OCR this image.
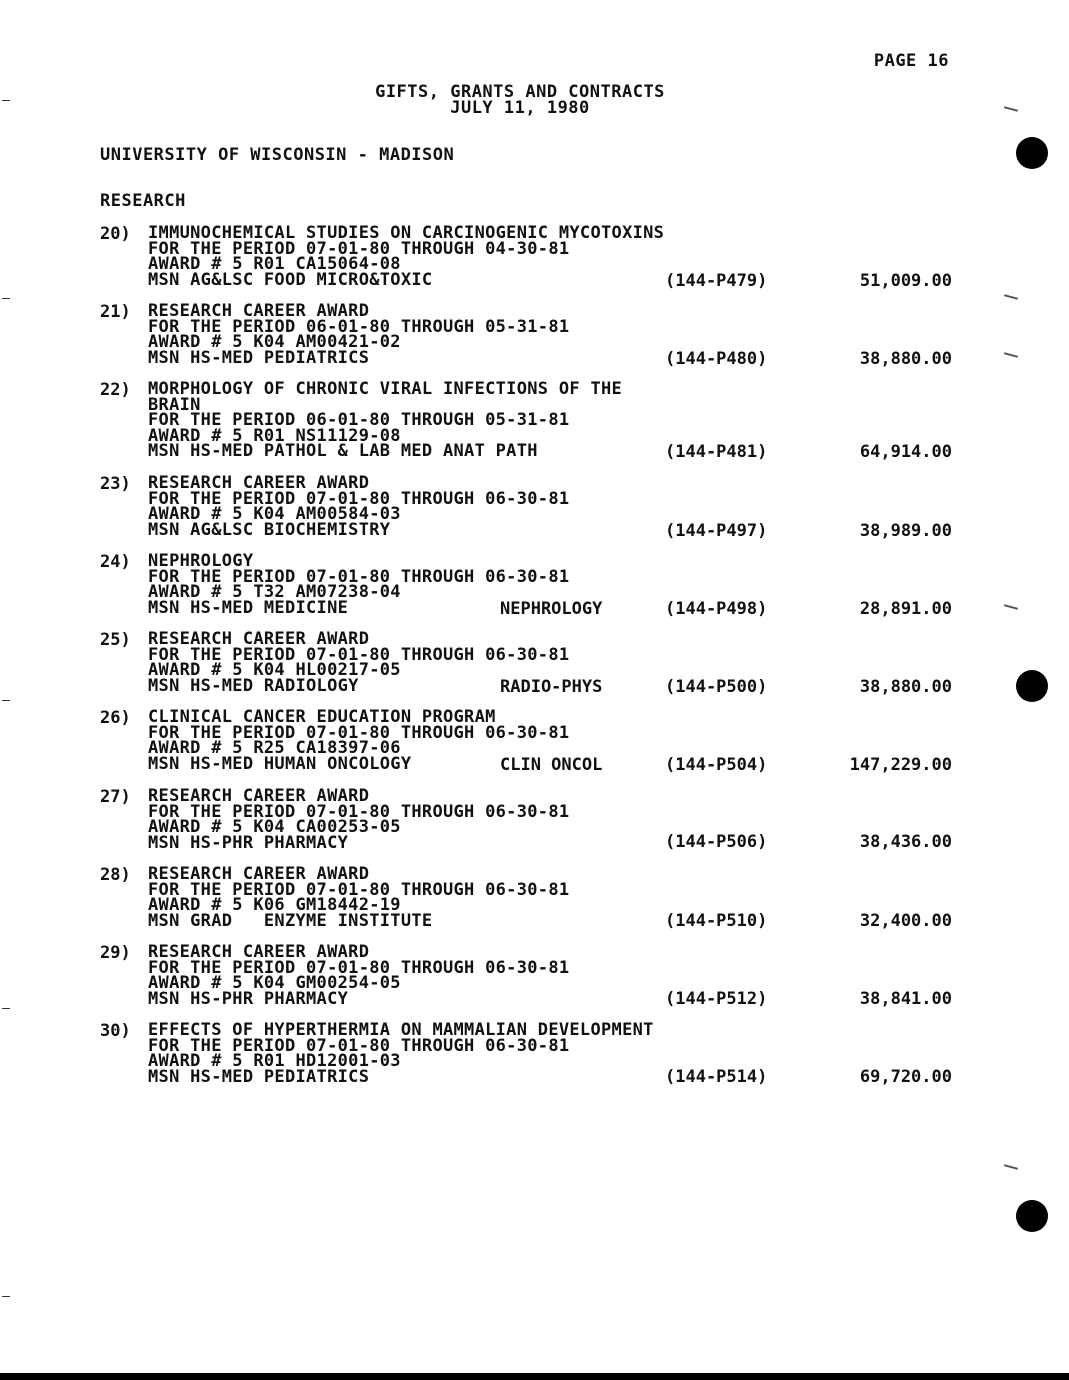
PAGE 16
GIFTS, GRANTS AND CONTRACTS
JULY 11, 1980
UNIVERSITY OF WISCONSIN - MADISON
RESEARCH
20) IMMUNOCHEMICAL STUDIES ON CARCINOGENIC MYCOTOXINS
FOR THE PERIOD 07-01-80 THROUGH 04-30-81
AWARD # 5 R01 CA15064-08
MSN AG&LSC FOOD MICRO&TOXIC	(144-P479)	51,009.00
21) RESEARCH CAREER AWARD
FOR THE PERIOD 06-01-80 THROUGH 05-31-81
AWARD # 5 K04 AM00421-02
MSN HS-MED PEDIATRICS	(144-P480)	38,880.00
22) MORPHOLOGY OF CHRONIC VIRAL INFECTIONS OF THE
BRAIN
FOR THE PERIOD 06-01-80 THROUGH 05-31-81
AWARD # 5 R01 NS11129-08
MSN HS-MED PATHOL & LAB MED ANAT PATH	(144-P481)	64,914.00
23) RESEARCH CAREER AWARD
FOR THE PERIOD 07-01-80 THROUGH 06-30-81
AWARD # 5 K04 AM00584-03
MSN AG&LSC BIOCHEMISTRY	(144-P497)	38,989.00
24) NEPHROLOGY
FOR THE PERIOD 07-01-80 THROUGH 06-30-81
AWARD # 5 T32 AM07238-04
MSN HS-MED MEDICINE	NEPHROLOGY	(144-P498)	28,891.00
25) RESEARCH CAREER AWARD
FOR THE PERIOD 07-01-80 THROUGH 06-30-81
AWARD # 5 K04 HL00217-05
MSN HS-MED RADIOLOGY	RADIO-PHYS	(144-P500)	38,880.00
26) CLINICAL CANCER EDUCATION PROGRAM
FOR THE PERIOD 07-01-80 THROUGH 06-30-81
AWARD # 5 R25 CA18397-06
MSN HS-MED HUMAN ONCOLOGY	CLIN ONCOL	(144-P504)	147,229.00
27) RESEARCH CAREER AWARD
FOR THE PERIOD 07-01-80 THROUGH 06-30-81
AWARD # 5 K04 CA00253-05
MSN HS-PHR PHARMACY	(144-P506)	38,436.00
28) RESEARCH CAREER AWARD
FOR THE PERIOD 07-01-80 THROUGH 06-30-81
AWARD # 5 K06 GM18442-19
MSN GRAD   ENZYME INSTITUTE	(144-P510)	32,400.00
29) RESEARCH CAREER AWARD
FOR THE PERIOD 07-01-80 THROUGH 06-30-81
AWARD # 5 K04 GM00254-05
MSN HS-PHR PHARMACY	(144-P512)	38,841.00
30) EFFECTS OF HYPERTHERMIA ON MAMMALIAN DEVELOPMENT
FOR THE PERIOD 07-01-80 THROUGH 06-30-81
AWARD # 5 R01 HD12001-03
MSN HS-MED PEDIATRICS	(144-P514)	69,720.00
